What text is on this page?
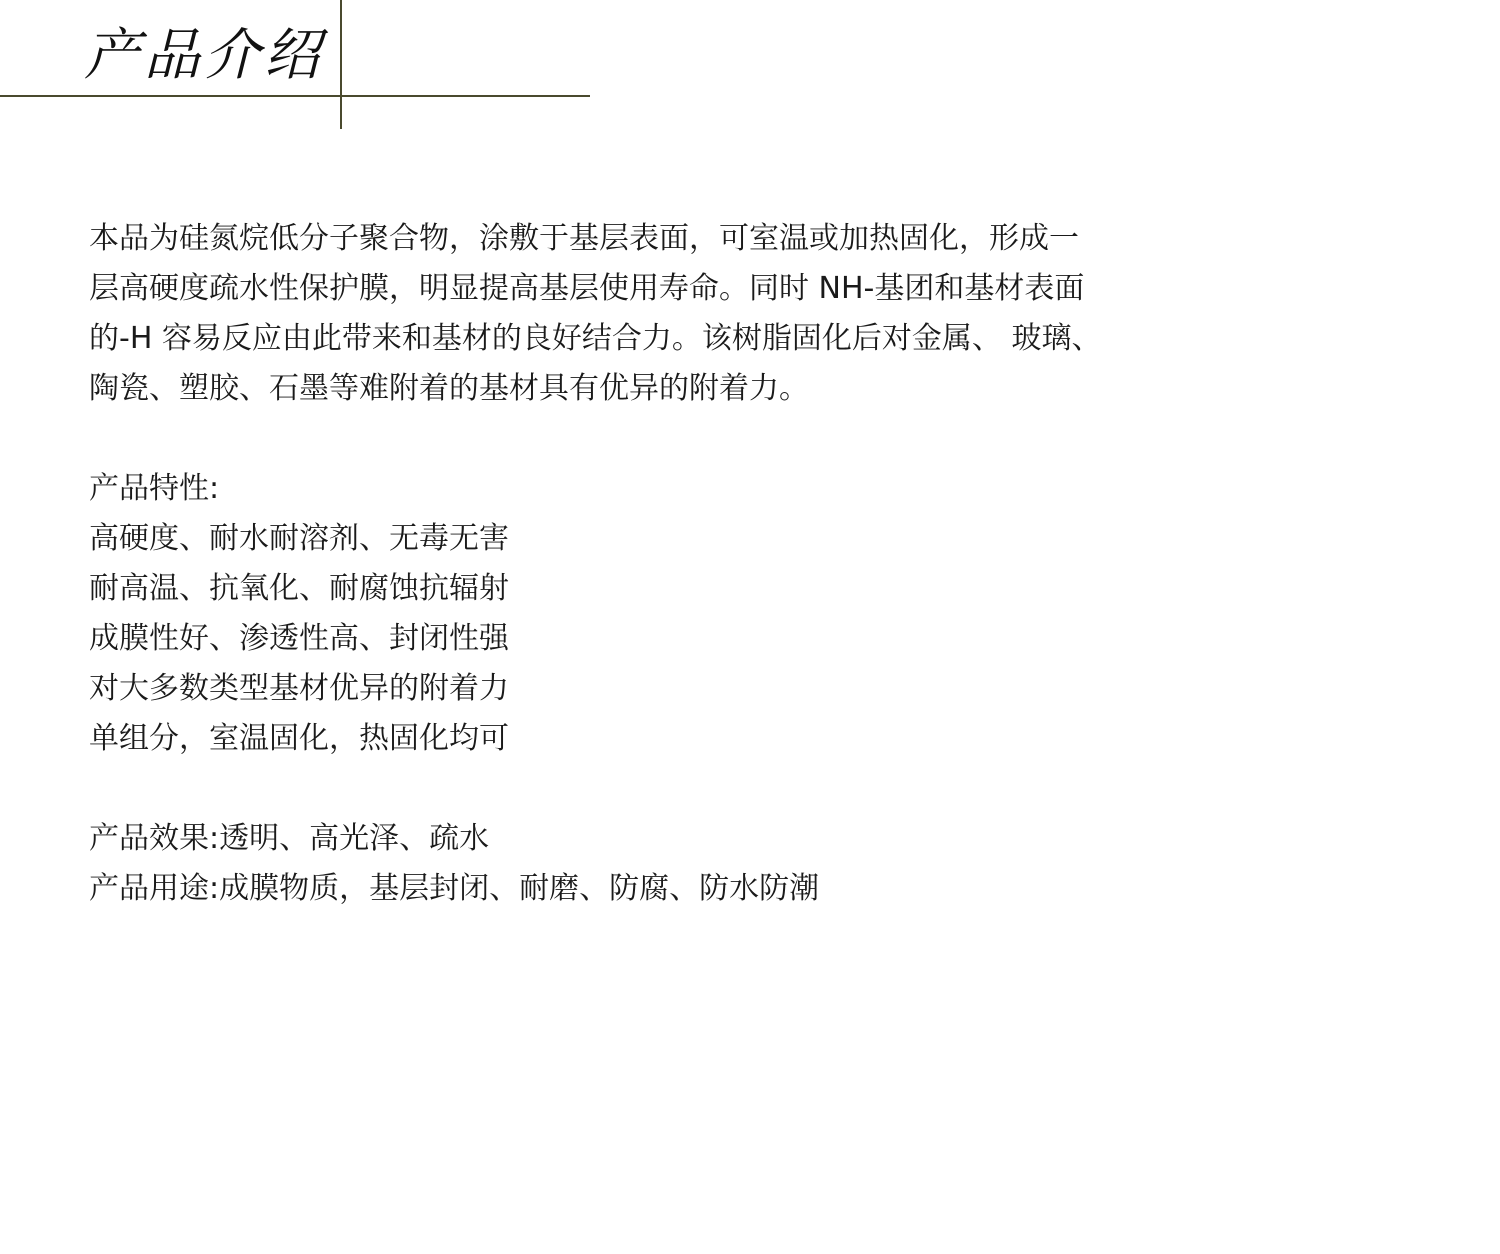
产品介绍
本品为硅氮烷低分子聚合物，涂敷于基层表面，可室温或加热固化，形成一
层高硬度疏水性保护膜，明显提高基层使用寿命。同时 NH-基团和基材表面
的-H 容易反应由此带来和基材的良好结合力。该树脂固化后对金属、 玻璃、
陶瓷、塑胶、石墨等难附着的基材具有优异的附着力。
产品特性:
高硬度、耐水耐溶剂、无毒无害
耐高温、抗氧化、耐腐蚀抗辐射
成膜性好、渗透性高、封闭性强
对大多数类型基材优异的附着力
单组分，室温固化，热固化均可
产品效果:透明、高光泽、疏水
产品用途:成膜物质，基层封闭、耐磨、防腐、防水防潮
